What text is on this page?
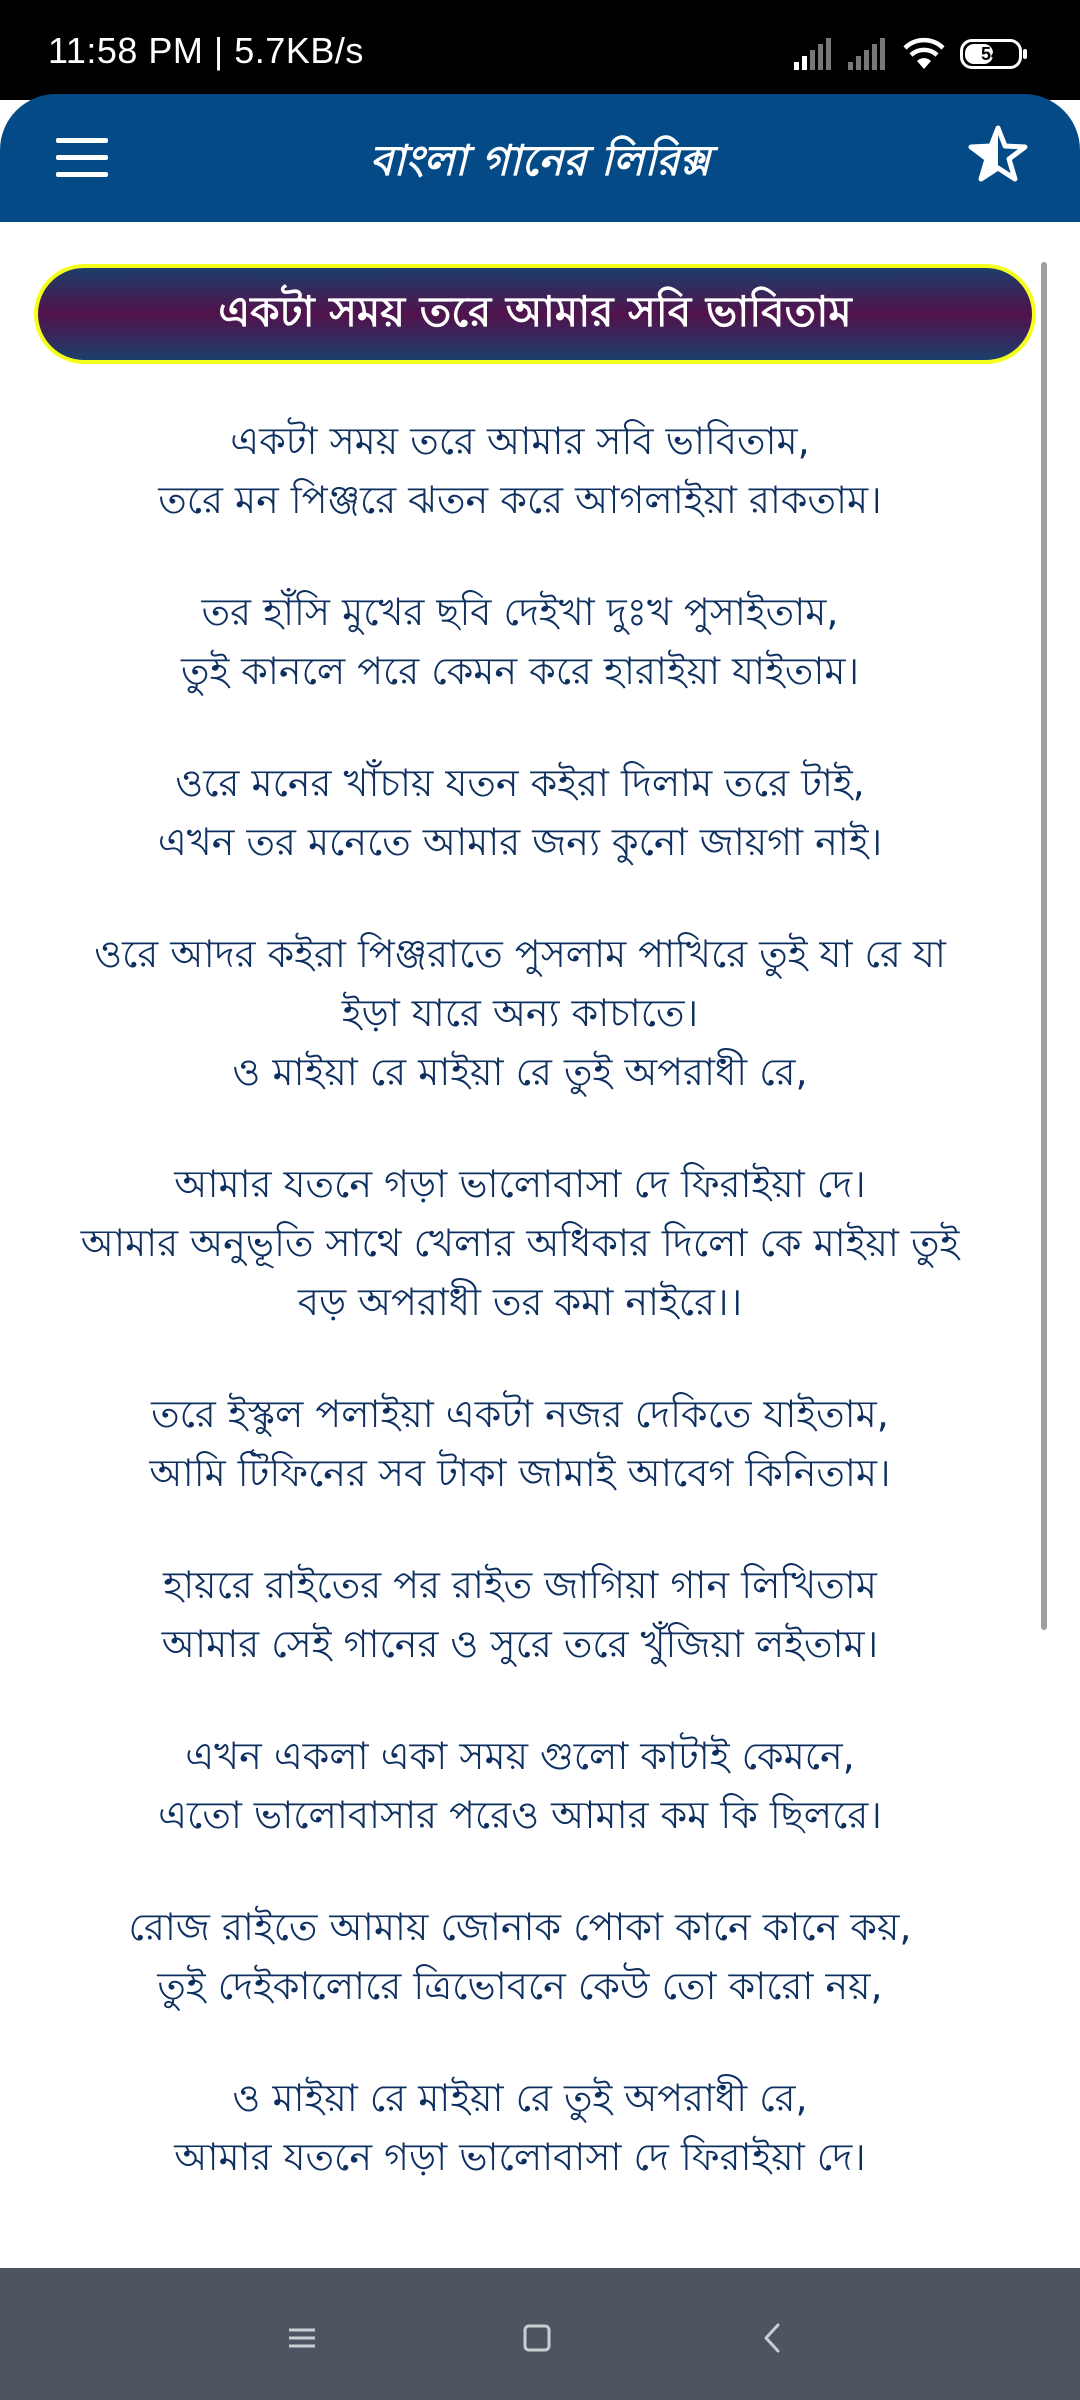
11:58 PM | 5.7KB/s	54
বাংলা গানের লিরিক্স
একটা সময় তরে আমার সবি ভাবিতাম
একটা সময় তরে আমার সবি ভাবিতাম,
তরে মন পিঞ্জরে ঝতন করে আগলাইয়া রাকতাম।
তর হাঁসি মুখের ছবি দেইখা দুঃখ পুসাইতাম,
তুই কানলে পরে কেমন করে হারাইয়া যাইতাম।
ওরে মনের খাঁচায় যতন কইরা দিলাম তরে টাই,
এখন তর মনেতে আমার জন্য কুনো জায়গা নাই।
ওরে আদর কইরা পিঞ্জরাতে পুসলাম পাখিরে তুই যা রে যা
ইড়া যারে অন্য কাচাতে।
ও মাইয়া রে মাইয়া রে তুই অপরাধী রে,
আমার যতনে গড়া ভালোবাসা দে ফিরাইয়া দে।
আমার অনুভূতি সাথে খেলার অধিকার দিলো কে মাইয়া তুই
বড় অপরাধী তর কমা নাইরে।।
তরে ইস্কুল পলাইয়া একটা নজর দেকিতে যাইতাম,
আমি টিফিনের সব টাকা জামাই আবেগ কিনিতাম।
হায়রে রাইতের পর রাইত জাগিয়া গান লিখিতাম
আমার সেই গানের ও সুরে তরে খুঁজিয়া লইতাম।
এখন একলা একা সময় গুলো কাটাই কেমনে,
এতো ভালোবাসার পরেও আমার কম কি ছিলরে।
রোজ রাইতে আমায় জোনাক পোকা কানে কানে কয়,
তুই দেইকালোরে ত্রিভোবনে কেউ তো কারো নয়,
ও মাইয়া রে মাইয়া রে তুই অপরাধী রে,
আমার যতনে গড়া ভালোবাসা দে ফিরাইয়া দে।
